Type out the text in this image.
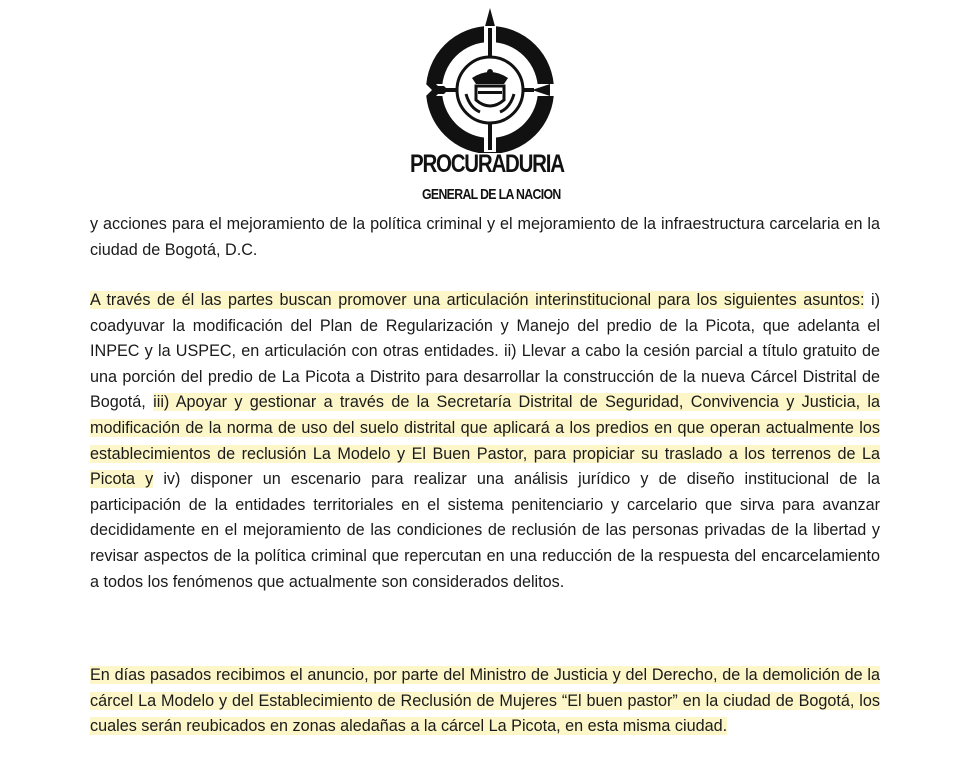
PROCURADURIA
GENERAL DE LA NACION
y acciones para el mejoramiento de la política criminal y el mejoramiento de la infraestructura carcelaria en la ciudad de Bogotá, D.C.
A través de él las partes buscan promover una articulación interinstitucional para los siguientes asuntos: i) coadyuvar la modificación del Plan de Regularización y Manejo del predio de la Picota, que adelanta el INPEC y la USPEC, en articulación con otras entidades. ii) Llevar a cabo la cesión parcial a título gratuito de una porción del predio de La Picota a Distrito para desarrollar la construcción de la nueva Cárcel Distrital de Bogotá, iii) Apoyar y gestionar a través de la Secretaría Distrital de Seguridad, Convivencia y Justicia, la modificación de la norma de uso del suelo distrital que aplicará a los predios en que operan actualmente los establecimientos de reclusión La Modelo y El Buen Pastor, para propiciar su traslado a los terrenos de La Picota y iv) disponer un escenario para realizar una análisis jurídico y de diseño institucional de la participación de la entidades territoriales en el sistema penitenciario y carcelario que sirva para avanzar decididamente en el mejoramiento de las condiciones de reclusión de las personas privadas de la libertad y revisar aspectos de la política criminal que repercutan en una reducción de la respuesta del encarcelamiento a todos los fenómenos que actualmente son considerados delitos.
En días pasados recibimos el anuncio, por parte del Ministro de Justicia y del Derecho, de la demolición de la cárcel La Modelo y del Establecimiento de Reclusión de Mujeres “El buen pastor” en la ciudad de Bogotá, los cuales serán reubicados en zonas aledañas a la cárcel La Picota, en esta misma ciudad.
